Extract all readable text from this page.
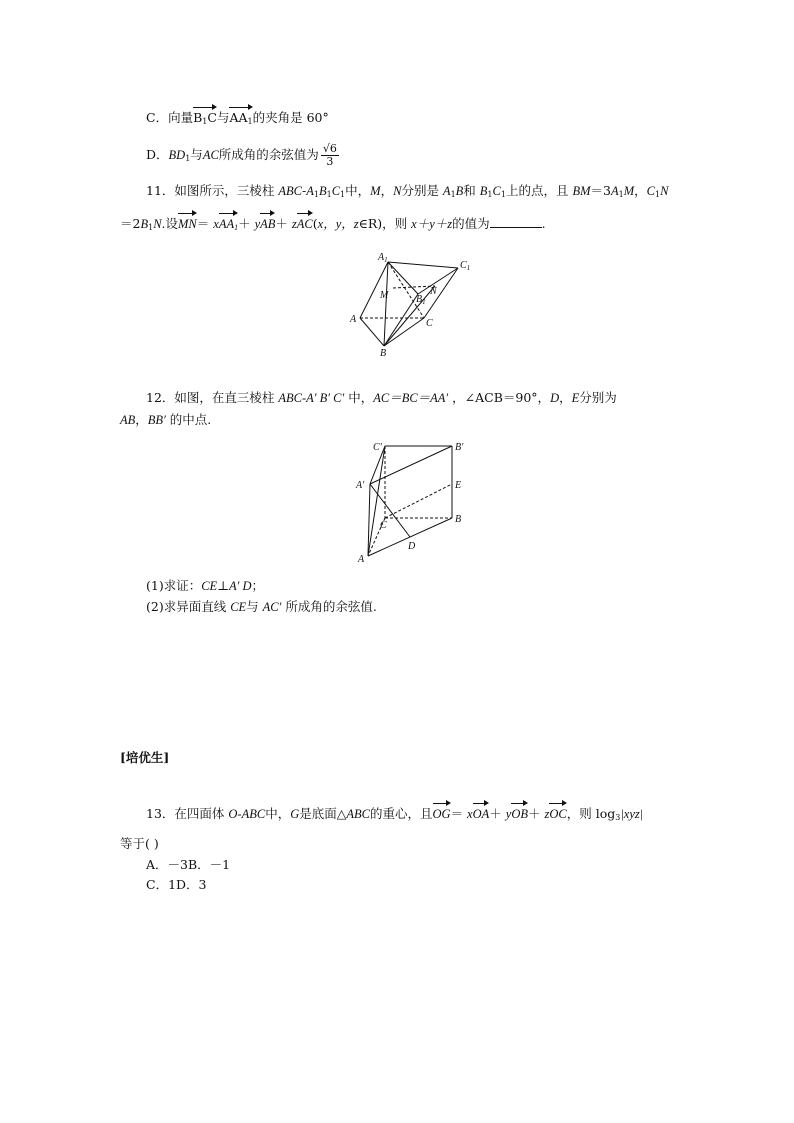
C．向量$B_1C$与$AA_1$的夹角是 60°
D．$BD_1$与AC所成角的余弦值为 $\frac{√6}{3}$
11．如图所示，三棱柱 ABC-$A_1B_1C_1$中，M，N分别是 $A_1B$和 $B_1C_1$上的点，且 $BM=3A_1M$，$C_1N$
$=2B_1N$.设MN＝ xAA$_1$＋ yAB＋ zAC(x，y，z∈R)，则 x＋y＋z的值为	.
$A_1$	$C_1$
M	N
$B_1$
A	C
B
12．如图，在直三棱柱 ABC-A′ B′ C′ 中，AC＝BC＝AA′ ，∠ACB＝90°，D，E分别为
AB，BB′ 的中点.
C′	B′
A′	E
C
B
D
A
(1)求证：CE⊥A′ D；
(2)求异面直线 CE与 AC′ 所成角的余弦值.
[培优生]
13．在四面体 O-ABC中，G是底面△ABC的重心，且OG＝ xOA＋ yOB＋ zOC，则 $\log_3|xyz|$
等于( )
A．－3B．－1
C．1D．3
